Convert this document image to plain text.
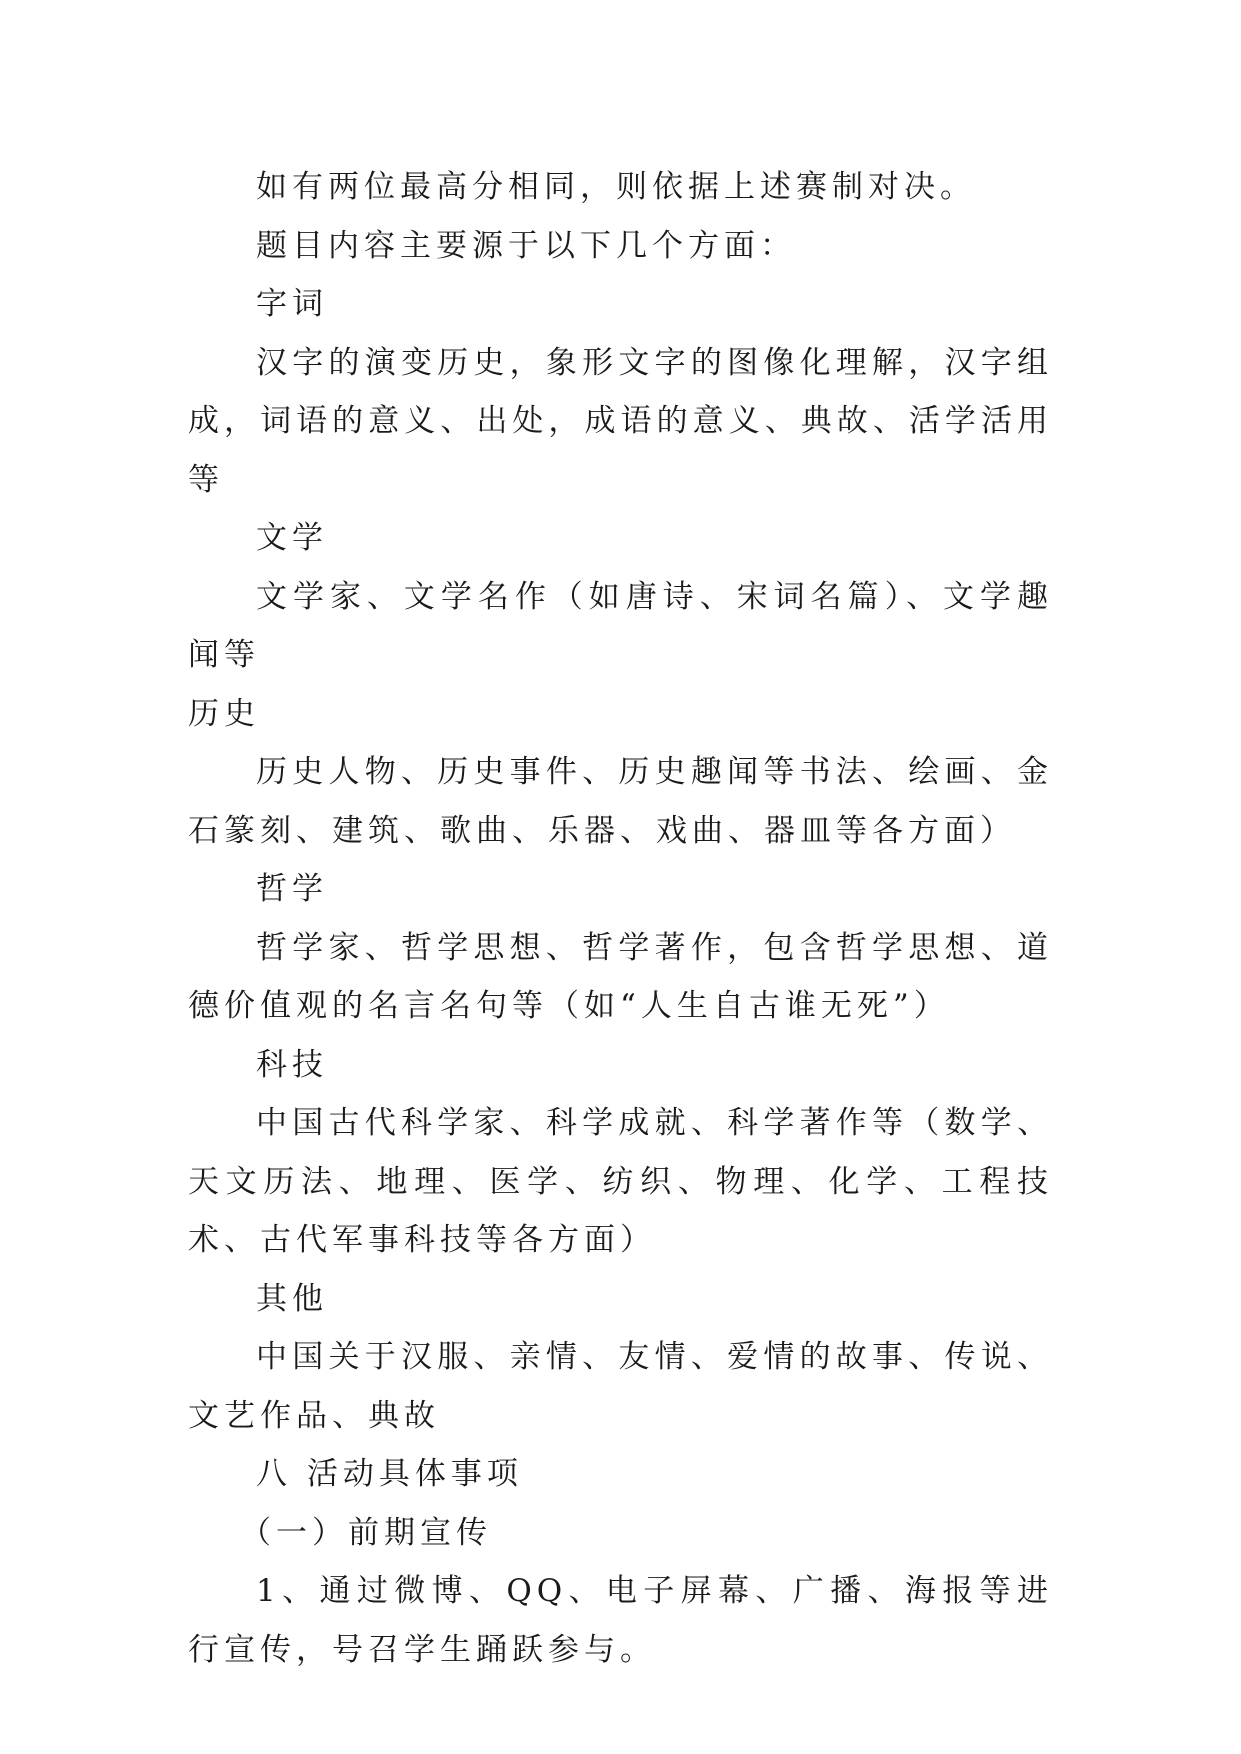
如有两位最高分相同，则依据上述赛制对决。

题目内容主要源于以下几个方面：

字词

汉字的演变历史，象形文字的图像化理解，汉字组成，词语的意义、出处，成语的意义、典故、活学活用等

文学

文学家、文学名作（如唐诗、宋词名篇）、文学趣闻等

历史

历史人物、历史事件、历史趣闻等书法、绘画、金石篆刻、建筑、歌曲、乐器、戏曲、器皿等各方面）

哲学

哲学家、哲学思想、哲学著作，包含哲学思想、道德价值观的名言名句等（如“人生自古谁无死”）

科技

中国古代科学家、科学成就、科学著作等（数学、天文历法、地理、医学、纺织、物理、化学、工程技术、古代军事科技等各方面）

其他

中国关于汉服、亲情、友情、爱情的故事、传说、文艺作品、典故

八 活动具体事项

（一）前期宣传

1、通过微博、QQ、电子屏幕、广播、海报等进行宣传，号召学生踊跃参与。
